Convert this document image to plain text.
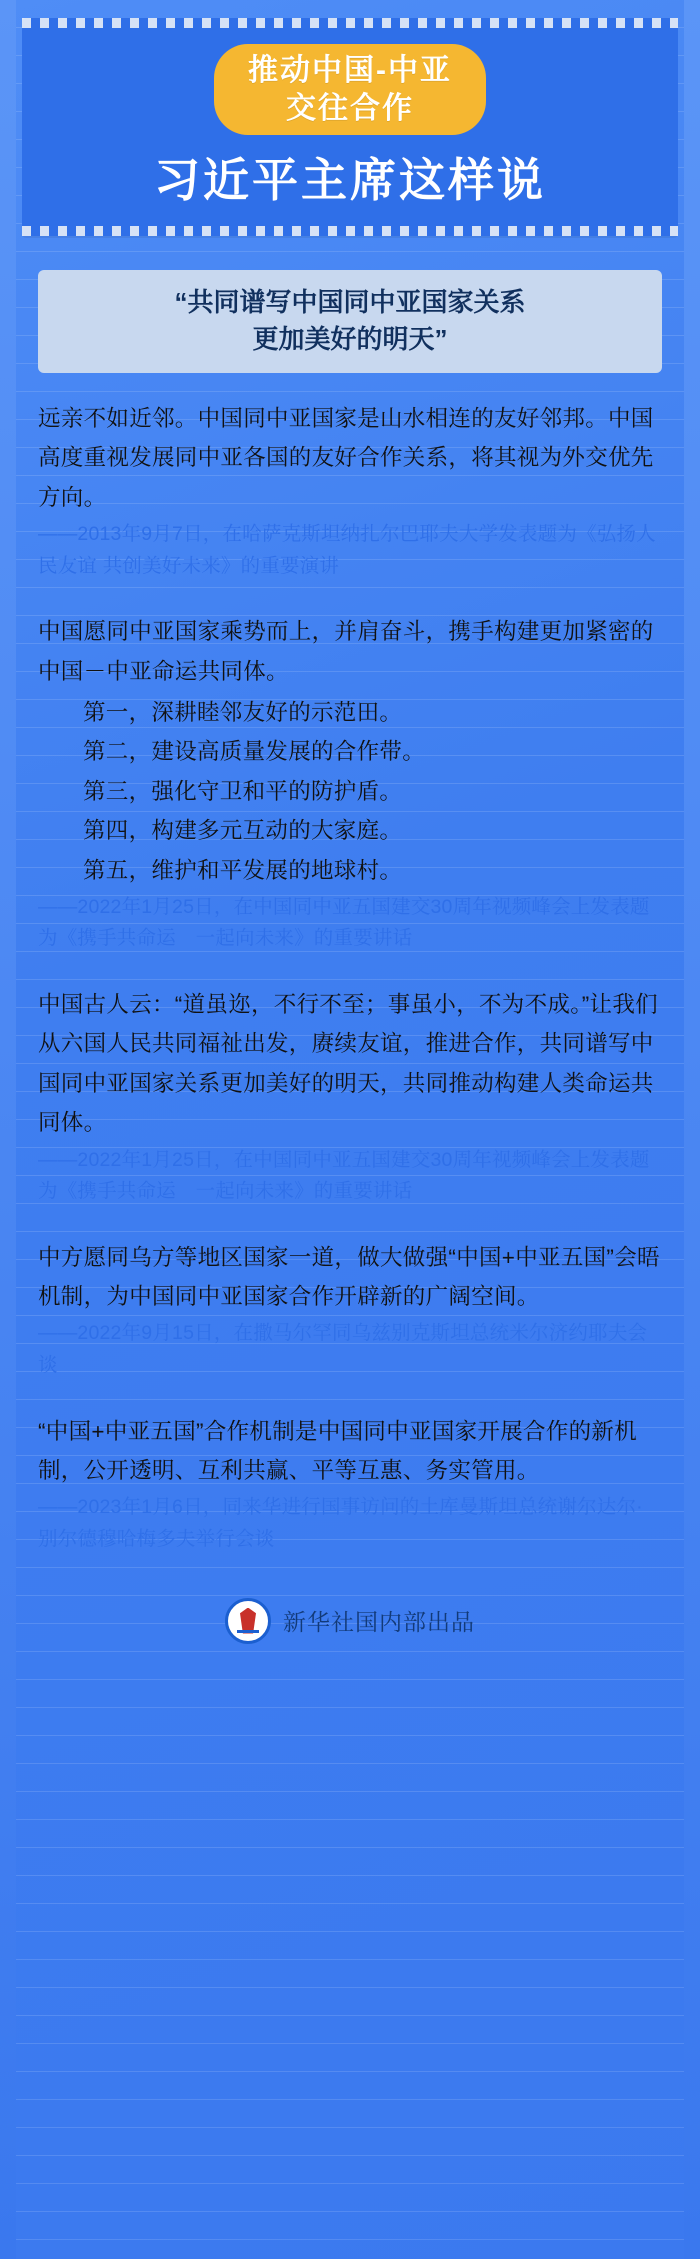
推动中国-中亚
交往合作
习近平主席这样说
“共同谱写中国同中亚国家关系
更加美好的明天”

远亲不如近邻。中国同中亚国家是山水相连的友好邻邦。中国高度重视发展同中亚各国的友好合作关系，将其视为外交优先方向。

——2013年9月7日，在哈萨克斯坦纳扎尔巴耶夫大学发表题为《弘扬人民友谊 共创美好未来》的重要演讲

中国愿同中亚国家乘势而上，并肩奋斗，携手构建更加紧密的中国－中亚命运共同体。

第一，深耕睦邻友好的示范田。
第二，建设高质量发展的合作带。
第三，强化守卫和平的防护盾。
第四，构建多元互动的大家庭。
第五，维护和平发展的地球村。

——2022年1月25日，在中国同中亚五国建交30周年视频峰会上发表题为《携手共命运　一起向未来》的重要讲话

中国古人云：“道虽迩，不行不至；事虽小，不为不成。”让我们从六国人民共同福祉出发，赓续友谊，推进合作，共同谱写中国同中亚国家关系更加美好的明天，共同推动构建人类命运共同体。

——2022年1月25日，在中国同中亚五国建交30周年视频峰会上发表题为《携手共命运　一起向未来》的重要讲话

中方愿同乌方等地区国家一道，做大做强“中国+中亚五国”会晤机制，为中国同中亚国家合作开辟新的广阔空间。

——2022年9月15日，在撒马尔罕同乌兹别克斯坦总统米尔济约耶夫会谈

“中国+中亚五国”合作机制是中国同中亚国家开展合作的新机制，公开透明、互利共赢、平等互惠、务实管用。

——2023年1月6日，同来华进行国事访问的土库曼斯坦总统谢尔达尔·别尔德穆哈梅多夫举行会谈

新华社国内部出品
